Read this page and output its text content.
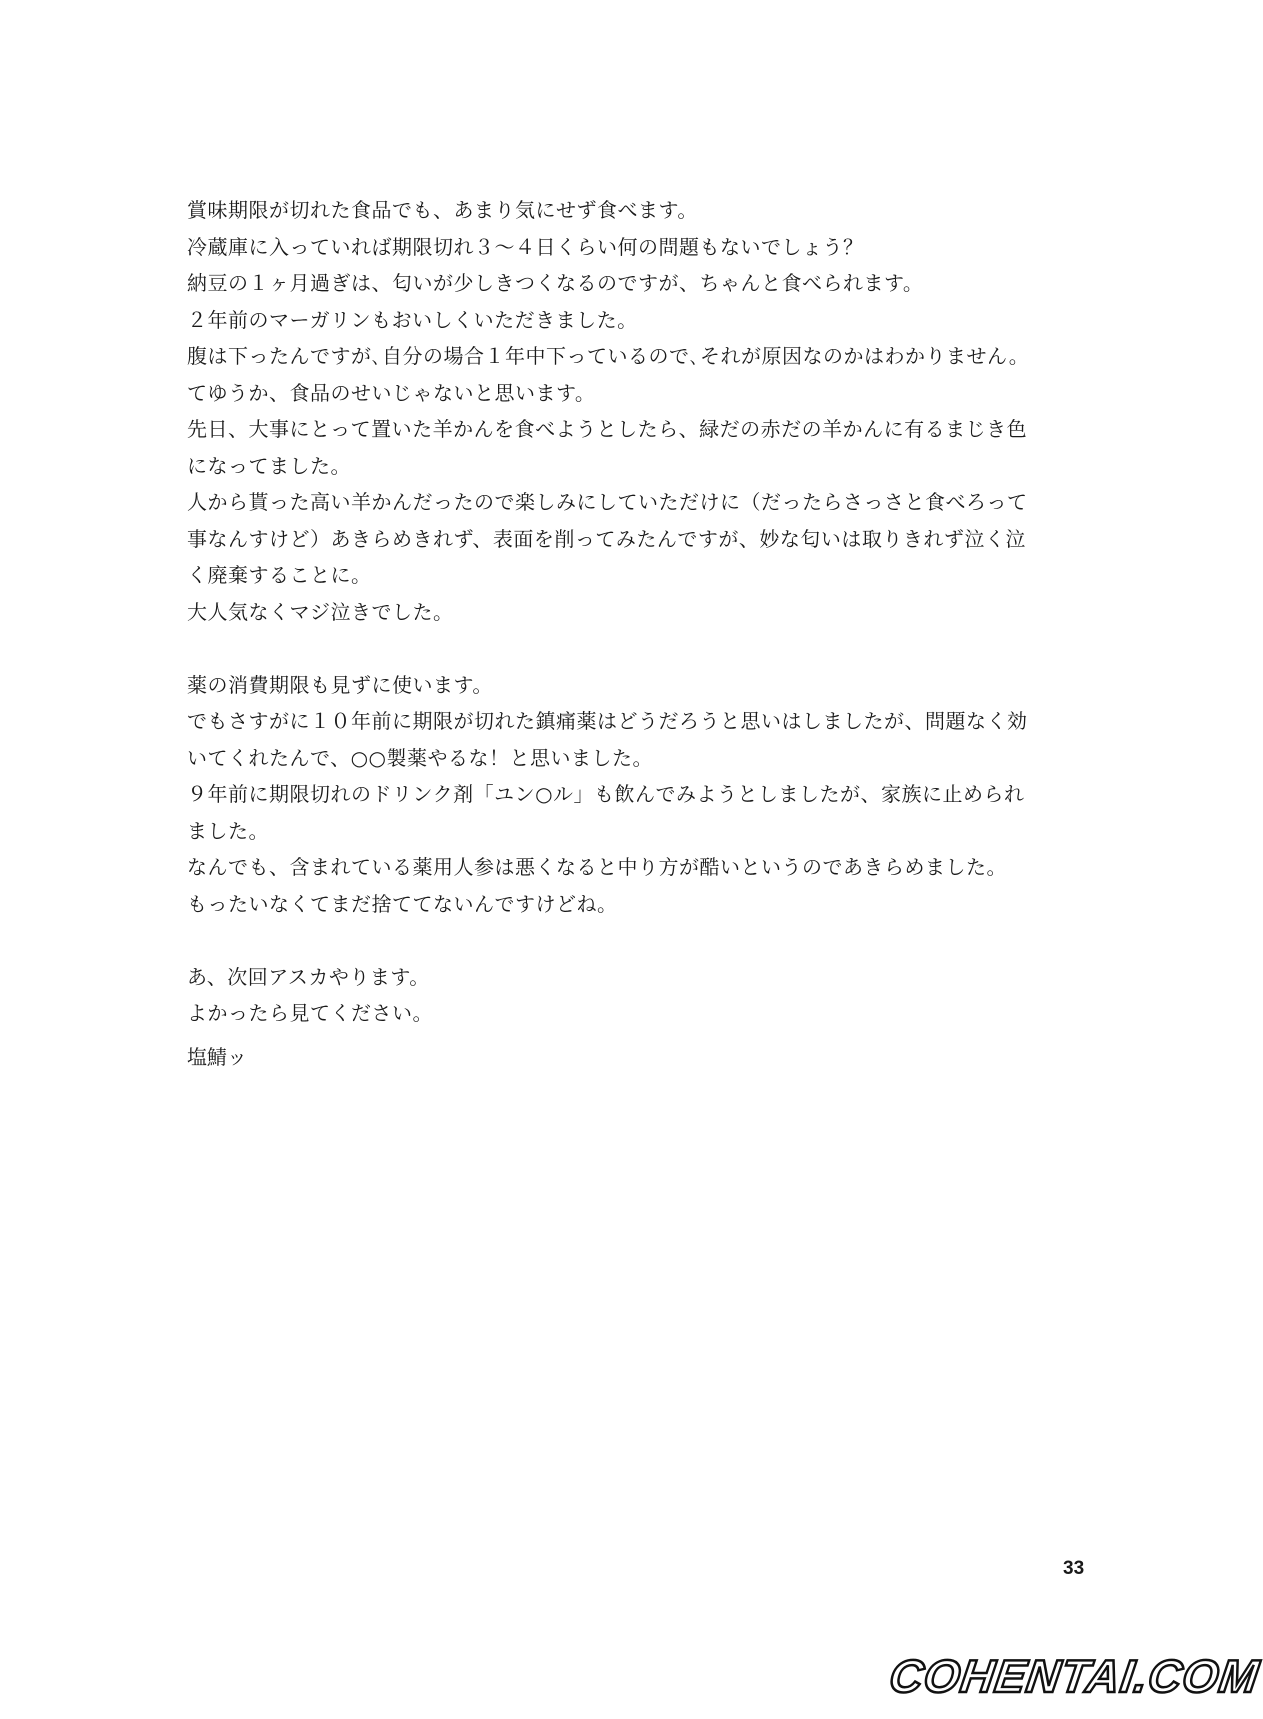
賞味期限が切れた食品でも、あまり気にせず食べます。
冷蔵庫に入っていれば期限切れ３～４日くらい何の問題もないでしょう？
納豆の１ヶ月過ぎは、匂いが少しきつくなるのですが、ちゃんと食べられます。
２年前のマーガリンもおいしくいただきました。
腹は下ったんですが､自分の場合１年中下っているので､それが原因なのかはわかりません。
てゆうか、食品のせいじゃないと思います。
先日、大事にとって置いた羊かんを食べようとしたら、緑だの赤だの羊かんに有るまじき色
になってました。
人から貰った高い羊かんだったので楽しみにしていただけに（だったらさっさと食べろって
事なんすけど）あきらめきれず、表面を削ってみたんですが、妙な匂いは取りきれず泣く泣
く廃棄することに。
大人気なくマジ泣きでした。
薬の消費期限も見ずに使います。
でもさすがに１０年前に期限が切れた鎮痛薬はどうだろうと思いはしましたが、問題なく効
いてくれたんで、○○製薬やるな！と思いました。
９年前に期限切れのドリンク剤「ユン○ル」も飲んでみようとしましたが、家族に止められ
ました。
なんでも、含まれている薬用人参は悪くなると中り方が酷いというのであきらめました。
もったいなくてまだ捨ててないんですけどね。
あ、次回アスカやります。
よかったら見てください。
塩鯖ッ
33
COHENTAI.COM
